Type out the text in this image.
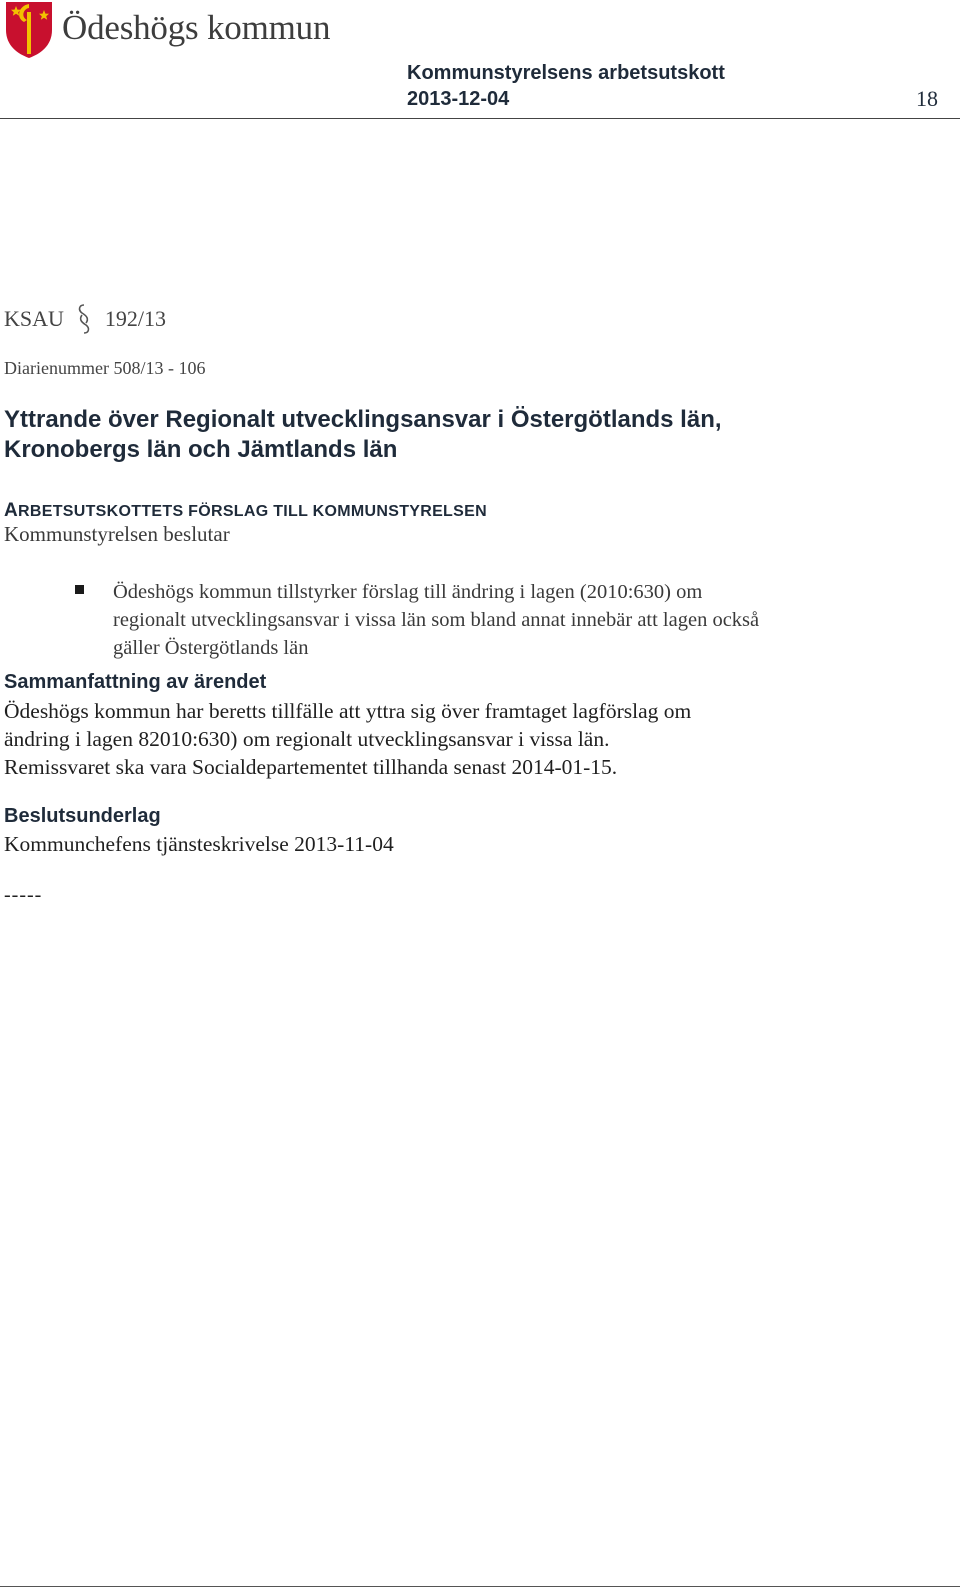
Ödeshögs kommun
Kommunstyrelsens arbetsutskott
2013-12-04	18
KSAU 192/13
Diarienummer 508/13 - 106
Yttrande över Regionalt utvecklingsansvar i Östergötlands län,
Kronobergs län och Jämtlands län
ARBETSUTSKOTTETS FÖRSLAG TILL KOMMUNSTYRELSEN
Kommunstyrelsen beslutar
Ödeshögs kommun tillstyrker förslag till ändring i lagen (2010:630) om regionalt utvecklingsansvar i vissa län som bland annat innebär att lagen också gäller Östergötlands län
Sammanfattning av ärendet
Ödeshögs kommun har beretts tillfälle att yttra sig över framtaget lagförslag om
ändring i lagen 82010:630) om regionalt utvecklingsansvar i vissa län.
Remissvaret ska vara Socialdepartementet tillhanda senast 2014-01-15.
Beslutsunderlag
Kommunchefens tjänsteskrivelse 2013-11-04
-----
